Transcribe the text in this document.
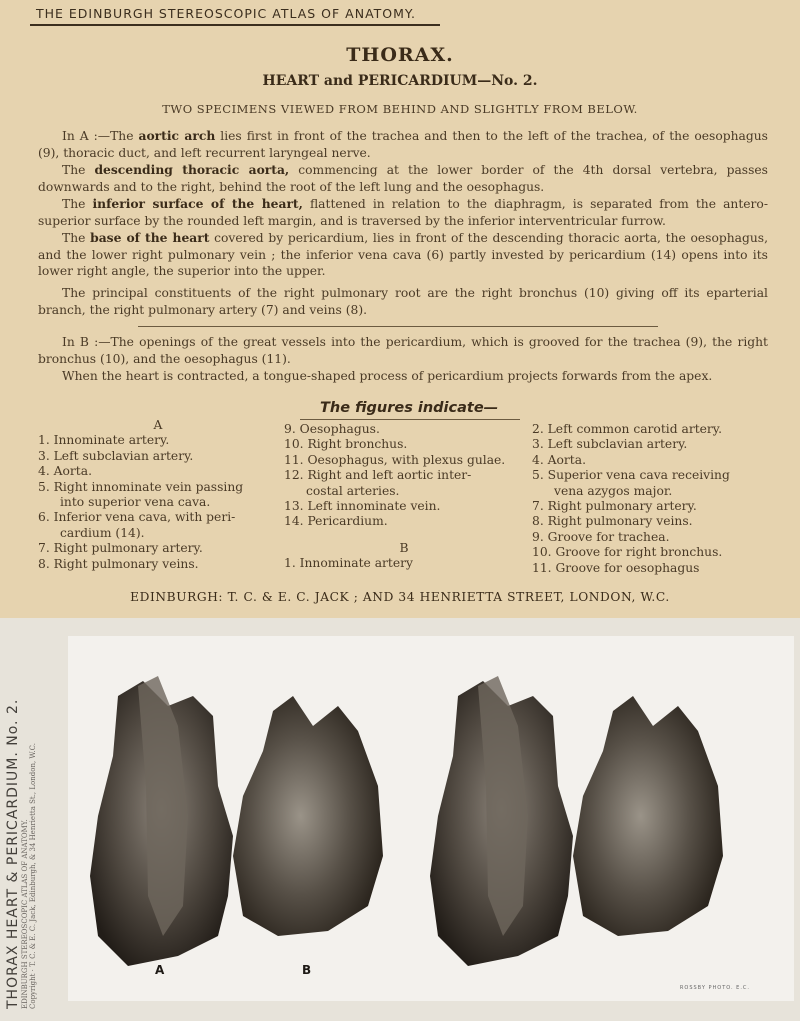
THE EDINBURGH STEREOSCOPIC ATLAS OF ANATOMY.
THORAX.
HEART and PERICARDIUM—No. 2.
TWO SPECIMENS VIEWED FROM BEHIND AND SLIGHTLY FROM BELOW.
In A :—The aortic arch lies first in front of the trachea and then to the left of the trachea, of the oesophagus (9), thoracic duct, and left recurrent laryngeal nerve.
The descending thoracic aorta, commencing at the lower border of the 4th dorsal vertebra, passes downwards and to the right, behind the root of the left lung and the oesophagus.
The inferior surface of the heart, flattened in relation to the diaphragm, is separated from the antero-superior surface by the rounded left margin, and is traversed by the inferior interventricular furrow.
The base of the heart covered by pericardium, lies in front of the descending thoracic aorta, the oesophagus, and the lower right pulmonary vein ; the inferior vena cava (6) partly invested by pericardium (14) opens into its lower right angle, the superior into the upper.
The principal constituents of the right pulmonary root are the right bronchus (10) giving off its eparterial branch, the right pulmonary artery (7) and veins (8).
In B :—The openings of the great vessels into the pericardium, which is grooved for the trachea (9), the right bronchus (10), and the oesophagus (11).
When the heart is contracted, a tongue-shaped process of pericardium projects forwards from the apex.
The figures indicate—
A
1. Innominate artery.
3. Left subclavian artery.
4. Aorta.
5. Right innominate vein passing
into superior vena cava.
6. Inferior vena cava, with peri-
cardium (14).
7. Right pulmonary artery.
8. Right pulmonary veins.
9. Oesophagus.
10. Right bronchus.
11. Oesophagus, with plexus gulae.
12. Right and left aortic inter-
costal arteries.
13. Left innominate vein.
14. Pericardium.
B
1. Innominate artery
2. Left common carotid artery.
3. Left subclavian artery.
4. Aorta.
5. Superior vena cava receiving
vena azygos major.
7. Right pulmonary artery.
8. Right pulmonary veins.
9. Groove for trachea.
10. Groove for right bronchus.
11. Groove for oesophagus
EDINBURGH: T. C. & E. C. JACK ; AND 34 HENRIETTA STREET, LONDON, W.C.
THORAX HEART & PERICARDIUM. No. 2. EDINBURGH STEREOSCOPIC ATLAS OF ANATOMY. Copyright · T. C. & E. C. Jack, Edinburgh, & 34 Henrietta St., London, W.C.	A	B
ROSSBY PHOTO. E.C.
